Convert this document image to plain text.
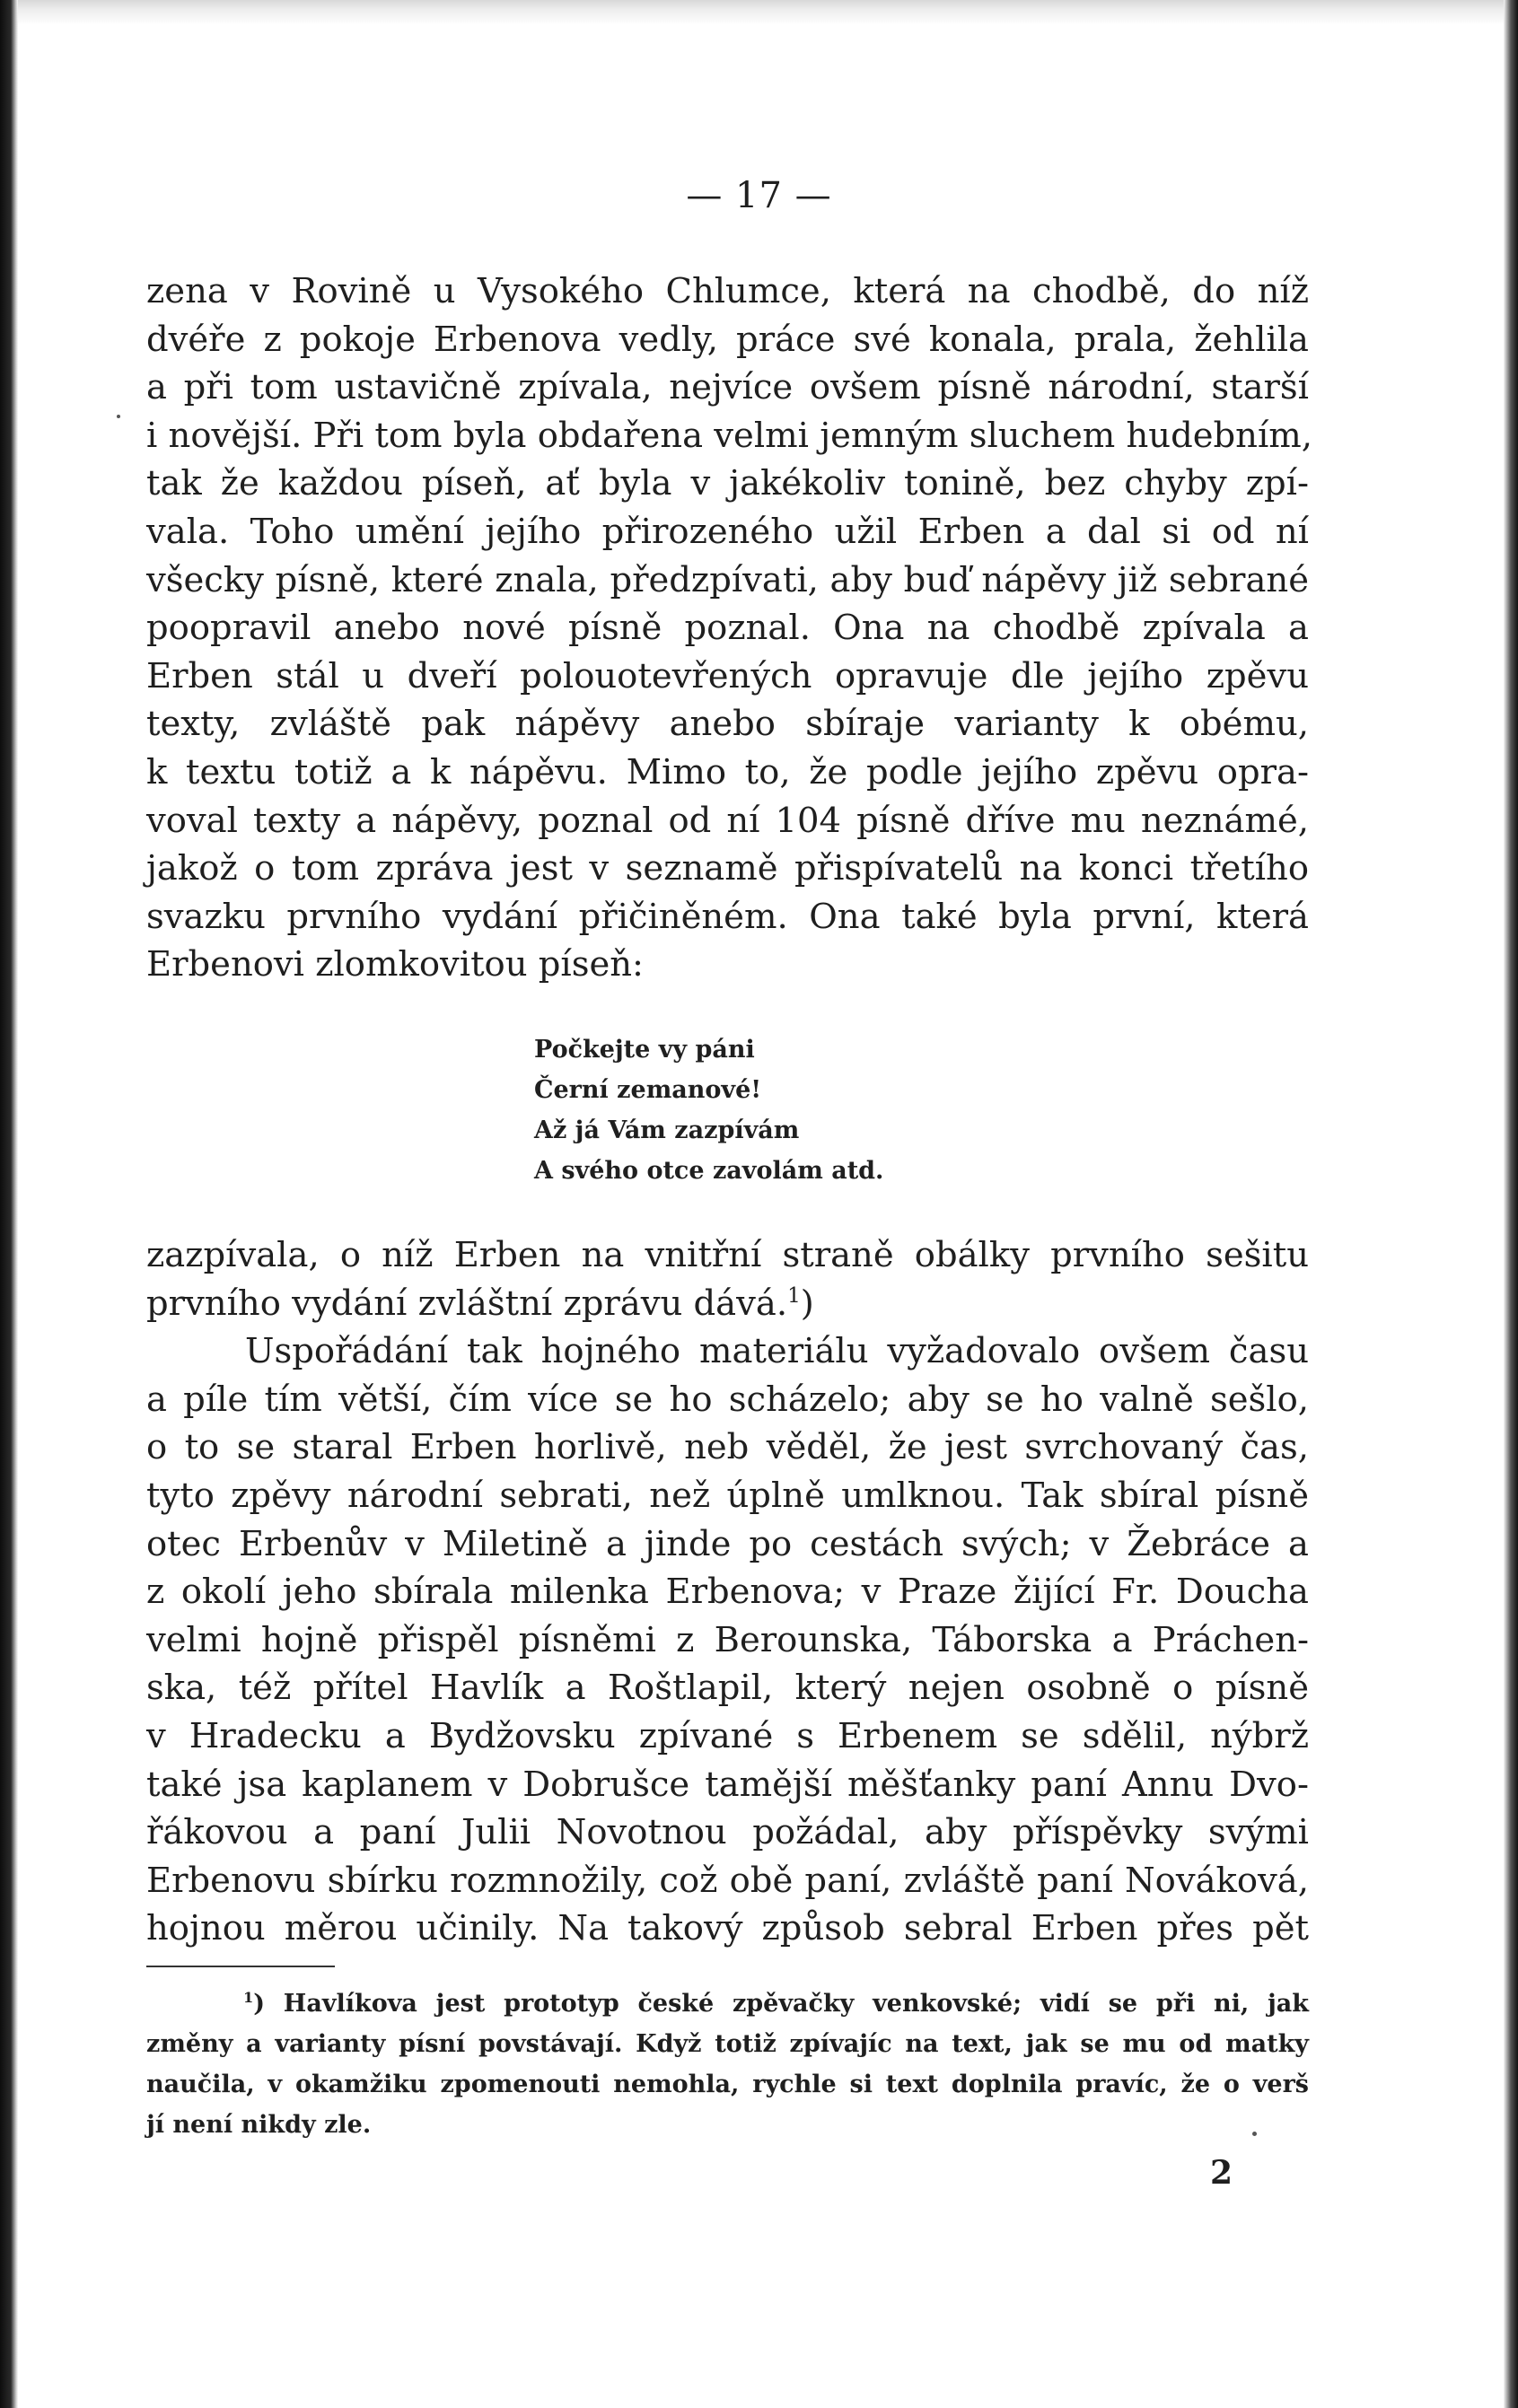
— 17 —
zena v Rovině u Vysokého Chlumce, která na chodbě, do níž
dvéře z pokoje Erbenova vedly, práce své konala, prala, žehlila
a při tom ustavičně zpívala, nejvíce ovšem písně národní, starší
i novější. Při tom byla obdařena velmi jemným sluchem hudebním,
tak že každou píseň, ať byla v jakékoliv tonině, bez chyby zpí-
vala. Toho umění jejího přirozeného užil Erben a dal si od ní
všecky písně, které znala, předzpívati, aby buď nápěvy již sebrané
poopravil anebo nové písně poznal. Ona na chodbě zpívala a
Erben stál u dveří polouotevřených opravuje dle jejího zpěvu
texty, zvláště pak nápěvy anebo sbíraje varianty k obému,
k textu totiž a k nápěvu. Mimo to, že podle jejího zpěvu opra-
voval texty a nápěvy, poznal od ní 104 písně dříve mu neznámé,
jakož o tom zpráva jest v seznamě přispívatelů na konci třetího
svazku prvního vydání přičiněném. Ona také byla první, která
Erbenovi zlomkovitou píseň:
Počkejte vy páni
Černí zemanové!
Až já Vám zazpívám
A svého otce zavolám atd.
zazpívala, o níž Erben na vnitřní straně obálky prvního sešitu
prvního vydání zvláštní zprávu dává.$^1$)
Uspořádání tak hojného materiálu vyžadovalo ovšem času
a píle tím větší, čím více se ho scházelo; aby se ho valně sešlo,
o to se staral Erben horlivě, neb věděl, že jest svrchovaný čas,
tyto zpěvy národní sebrati, než úplně umlknou. Tak sbíral písně
otec Erbenův v Miletině a jinde po cestách svých; v Žebráce a
z okolí jeho sbírala milenka Erbenova; v Praze žijící Fr. Doucha
velmi hojně přispěl písněmi z Berounska, Táborska a Práchen-
ska, též přítel Havlík a Roštlapil, který nejen osobně o písně
v Hradecku a Bydžovsku zpívané s Erbenem se sdělil, nýbrž
také jsa kaplanem v Dobrušce tamější měšťanky paní Annu Dvo-
řákovou a paní Julii Novotnou požádal, aby příspěvky svými
Erbenovu sbírku rozmnožily, což obě paní, zvláště paní Nováková,
hojnou měrou učinily. Na takový způsob sebral Erben přes pět
$^1$) Havlíkova jest prototyp české zpěvačky venkovské; vidí se při ni, jak
změny a varianty písní povstávají. Když totiž zpívajíc na text, jak se mu od matky
naučila, v okamžiku zpomenouti nemohla, rychle si text doplnila pravíc, že o verš
jí není nikdy zle.
2
